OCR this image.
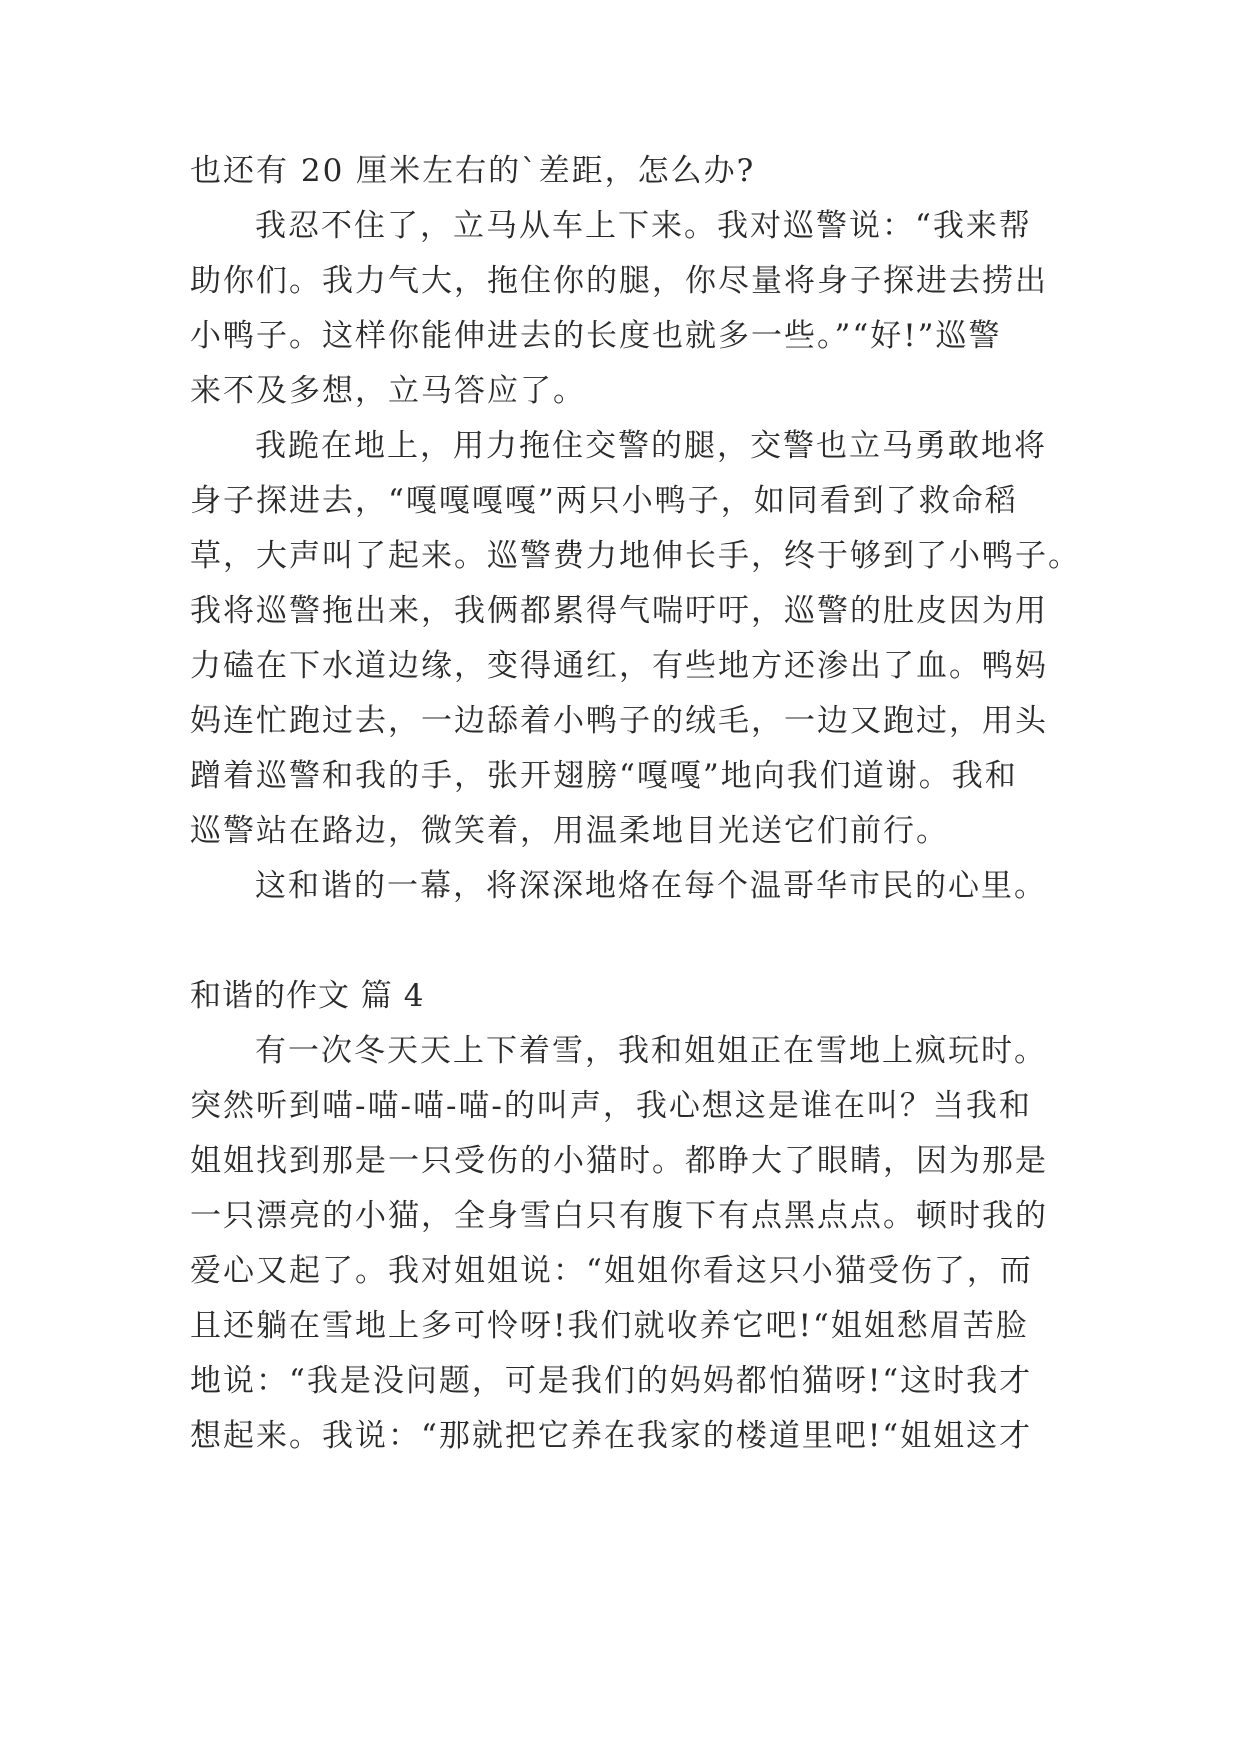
也还有 20 厘米左右的`差距，怎么办?
我忍不住了，立马从车上下来。我对巡警说：“我来帮
助你们。我力气大，拖住你的腿，你尽量将身子探进去捞出
小鸭子。这样你能伸进去的长度也就多一些。”“好!”巡警
来不及多想，立马答应了。
我跪在地上，用力拖住交警的腿，交警也立马勇敢地将
身子探进去，“嘎嘎嘎嘎”两只小鸭子，如同看到了救命稻
草，大声叫了起来。巡警费力地伸长手，终于够到了小鸭子。
我将巡警拖出来，我俩都累得气喘吁吁，巡警的肚皮因为用
力磕在下水道边缘，变得通红，有些地方还渗出了血。鸭妈
妈连忙跑过去，一边舔着小鸭子的绒毛，一边又跑过，用头
蹭着巡警和我的手，张开翅膀“嘎嘎”地向我们道谢。我和
巡警站在路边，微笑着，用温柔地目光送它们前行。
这和谐的一幕，将深深地烙在每个温哥华市民的心里。
和谐的作文 篇 4
有一次冬天天上下着雪，我和姐姐正在雪地上疯玩时。
突然听到喵-喵-喵-喵-的叫声，我心想这是谁在叫？当我和
姐姐找到那是一只受伤的小猫时。都睁大了眼睛，因为那是
一只漂亮的小猫，全身雪白只有腹下有点黑点点。顿时我的
爱心又起了。我对姐姐说：“姐姐你看这只小猫受伤了，而
且还躺在雪地上多可怜呀!我们就收养它吧!“姐姐愁眉苦脸
地说：“我是没问题，可是我们的妈妈都怕猫呀!“这时我才
想起来。我说：“那就把它养在我家的楼道里吧!“姐姐这才
